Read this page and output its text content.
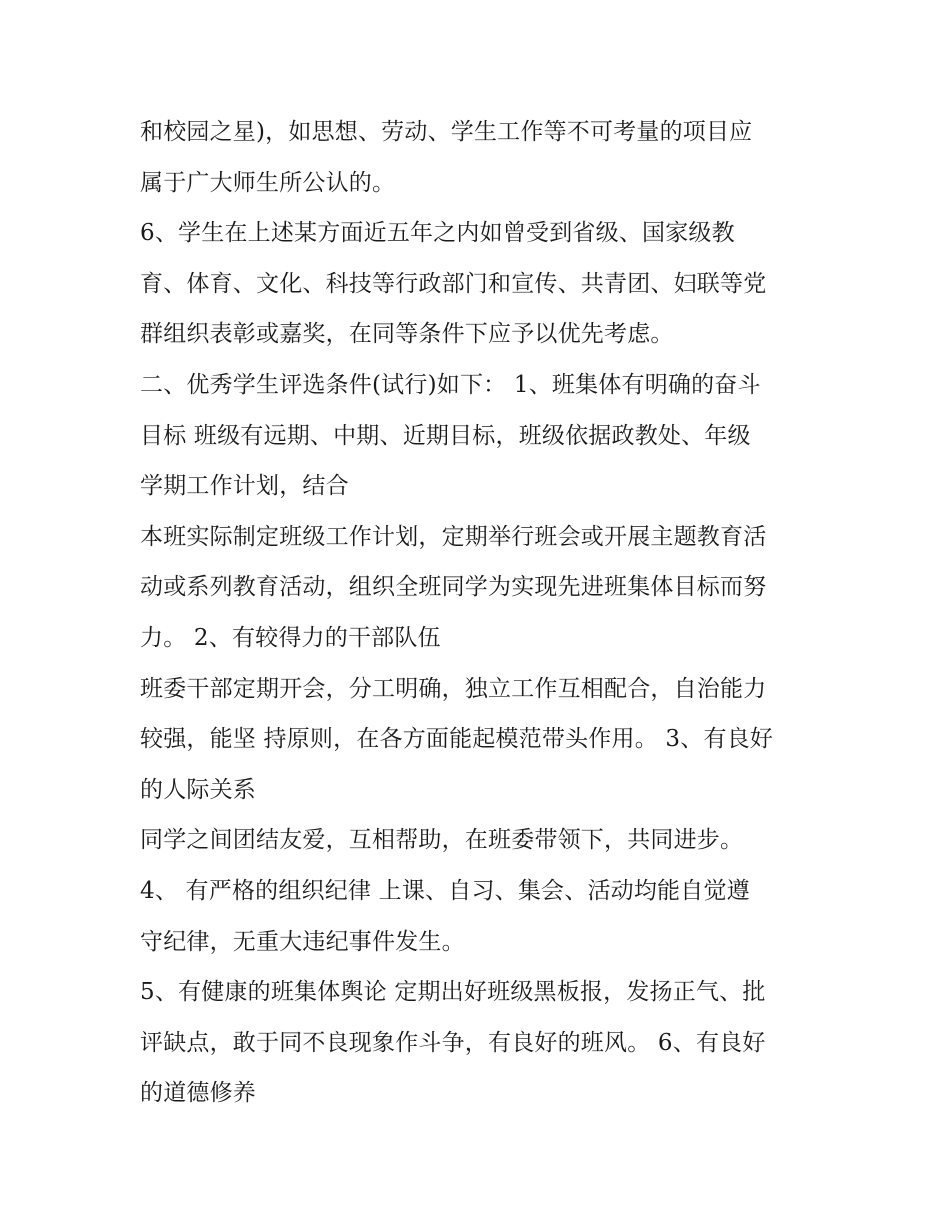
和校园之星)，如思想、劳动、学生工作等不可考量的项目应
属于广大师生所公认的。
6、学生在上述某方面近五年之内如曾受到省级、国家级教
育、体育、文化、科技等行政部门和宣传、共青团、妇联等党
群组织表彰或嘉奖，在同等条件下应予以优先考虑。
二、优秀学生评选条件(试行)如下： 1、班集体有明确的奋斗
目标 班级有远期、中期、近期目标，班级依据政教处、年级
学期工作计划，结合
本班实际制定班级工作计划，定期举行班会或开展主题教育活
动或系列教育活动，组织全班同学为实现先进班集体目标而努
力。 2、有较得力的干部队伍
班委干部定期开会，分工明确，独立工作互相配合，自治能力
较强，能坚 持原则，在各方面能起模范带头作用。 3、有良好
的人际关系
同学之间团结友爱，互相帮助，在班委带领下，共同进步。
4、 有严格的组织纪律 上课、自习、集会、活动均能自觉遵
守纪律，无重大违纪事件发生。
5、有健康的班集体舆论 定期出好班级黑板报，发扬正气、批
评缺点，敢于同不良现象作斗争，有良好的班风。 6、有良好
的道德修养
